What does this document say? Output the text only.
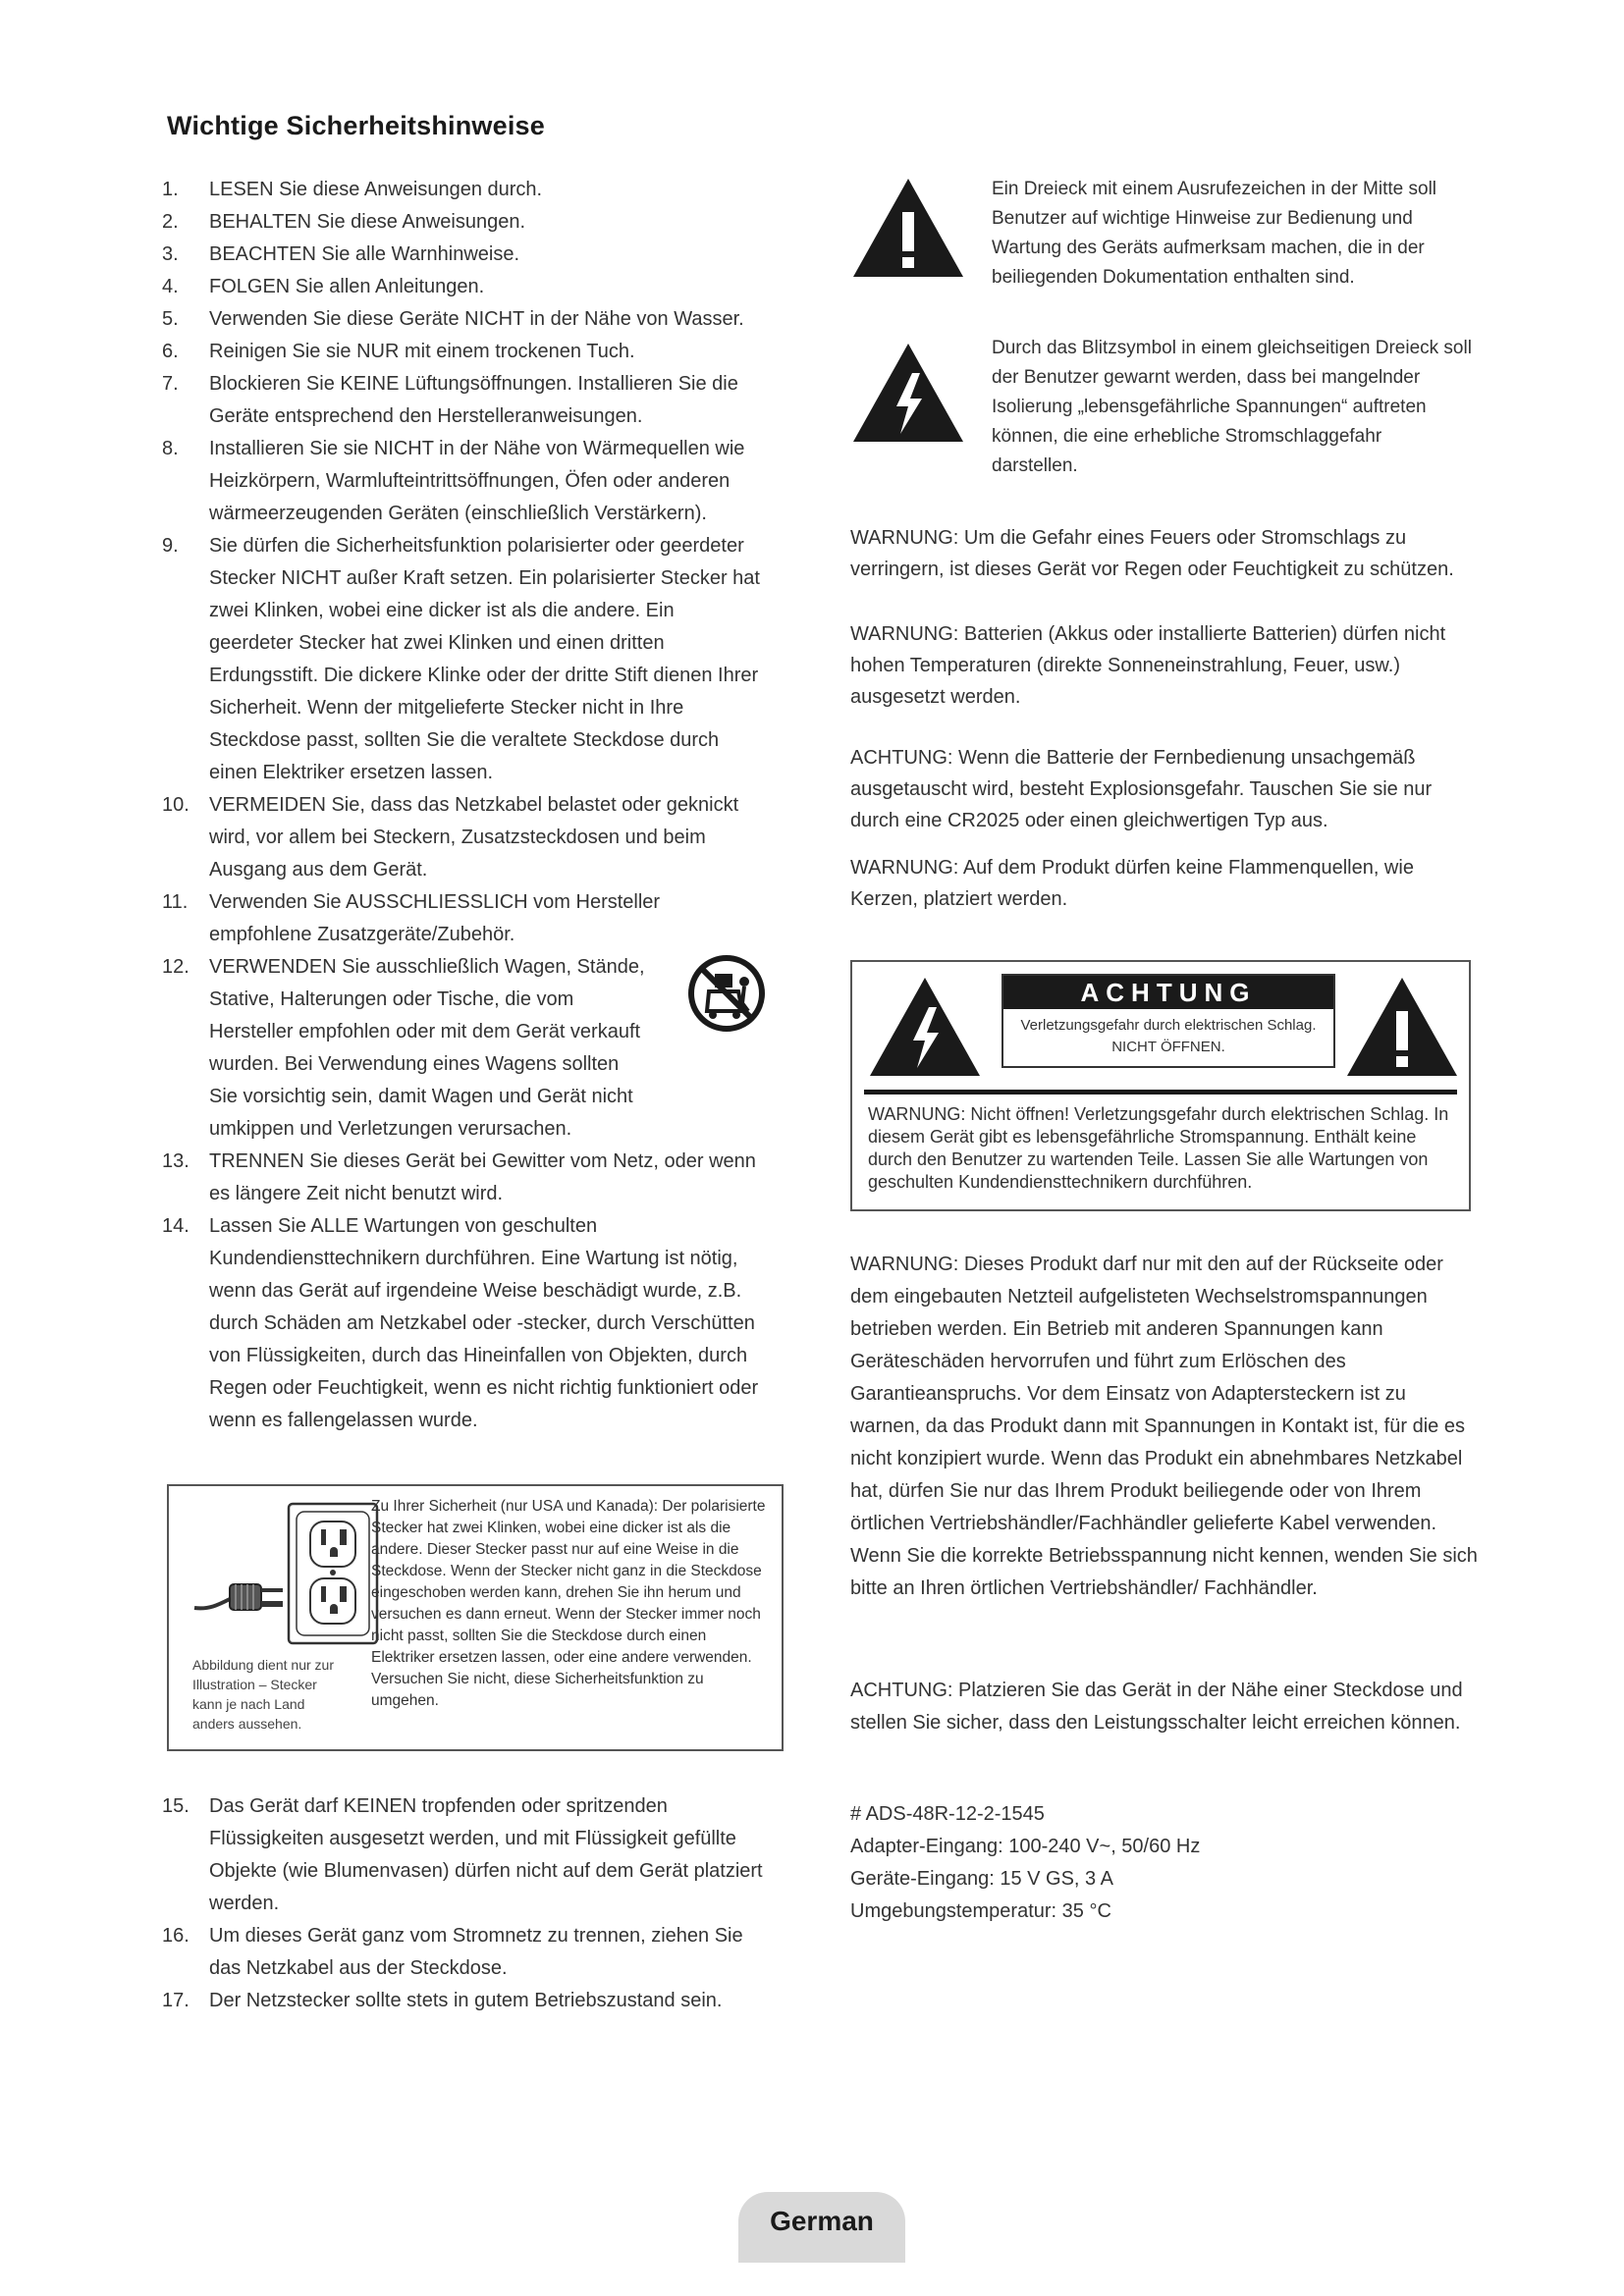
Wichtige Sicherheitshinweise
1.	LESEN Sie diese Anweisungen durch.
2.	BEHALTEN Sie diese Anweisungen.
3.	BEACHTEN Sie alle Warnhinweise.
4.	FOLGEN Sie allen Anleitungen.
5.	Verwenden Sie diese Geräte NICHT in der Nähe von Wasser.
6.	Reinigen Sie sie NUR mit einem trockenen Tuch.
7.	Blockieren Sie KEINE Lüftungsöffnungen. Installieren Sie die Geräte entsprechend den Herstelleranweisungen.
8.	Installieren Sie sie NICHT in der Nähe von Wärmequellen wie Heizkörpern, Warmlufteintrittsöffnungen, Öfen oder anderen wärmeerzeugenden Geräten (einschließlich Verstärkern).
9.	Sie dürfen die Sicherheitsfunktion polarisierter oder geerdeter Stecker NICHT außer Kraft setzen. Ein polarisierter Stecker hat zwei Klinken, wobei eine dicker ist als die andere. Ein geerdeter Stecker hat zwei Klinken und einen dritten Erdungsstift. Die dickere Klinke oder der dritte Stift dienen Ihrer Sicherheit. Wenn der mitgelieferte Stecker nicht in Ihre Steckdose passt, sollten Sie die veraltete Steckdose durch einen Elektriker ersetzen lassen.
10.	VERMEIDEN Sie, dass das Netzkabel belastet oder geknickt wird, vor allem bei Steckern, Zusatzsteckdosen und beim Ausgang aus dem Gerät.
11.	Verwenden Sie AUSSCHLIESSLICH vom Hersteller empfohlene Zusatzgeräte/Zubehör.
12.	VERWENDEN Sie ausschließlich Wagen, Stände, Stative, Halterungen oder Tische, die vom Hersteller empfohlen oder mit dem Gerät verkauft wurden. Bei Verwendung eines Wagens sollten Sie vorsichtig sein, damit Wagen und Gerät nicht umkippen und Verletzungen verursachen.
13.	TRENNEN Sie dieses Gerät bei Gewitter vom Netz, oder wenn es längere Zeit nicht benutzt wird.
14.	Lassen Sie ALLE Wartungen von geschulten Kundendiensttechnikern durchführen. Eine Wartung ist nötig, wenn das Gerät auf irgendeine Weise beschädigt wurde, z.B. durch Schäden am Netzkabel oder -stecker, durch Verschütten von Flüssigkeiten, durch das Hineinfallen von Objekten, durch Regen oder Feuchtigkeit, wenn es nicht richtig funktioniert oder wenn es fallengelassen wurde.
Abbildung dient nur zur Illustration – Stecker kann je nach Land anders aussehen.
Zu Ihrer Sicherheit (nur USA und Kanada): Der polarisierte Stecker hat zwei Klinken, wobei eine dicker ist als die andere. Dieser Stecker passt nur auf eine Weise in die Steckdose. Wenn der Stecker nicht ganz in die Steckdose eingeschoben werden kann, drehen Sie ihn herum und versuchen es dann erneut. Wenn der Stecker immer noch nicht passt, sollten Sie die Steckdose durch einen Elektriker ersetzen lassen, oder eine andere verwenden. Versuchen Sie nicht, diese Sicherheitsfunktion zu umgehen.
15.	Das Gerät darf KEINEN tropfenden oder spritzenden Flüssigkeiten ausgesetzt werden, und mit Flüssigkeit gefüllte Objekte (wie Blumenvasen) dürfen nicht auf dem Gerät platziert werden.
16.	Um dieses Gerät ganz vom Stromnetz zu trennen, ziehen Sie das Netzkabel aus der Steckdose.
17.	Der Netzstecker sollte stets in gutem Betriebszustand sein.
Ein Dreieck mit einem Ausrufezeichen in der Mitte soll Benutzer auf wichtige Hinweise zur Bedienung und Wartung des Geräts aufmerksam machen, die in der beiliegenden Dokumentation enthalten sind.
Durch das Blitzsymbol in einem gleichseitigen Dreieck soll der Benutzer gewarnt werden, dass bei mangelnder Isolierung „lebensgefährliche Spannungen“ auftreten können, die eine erhebliche Stromschlaggefahr darstellen.

WARNUNG: Um die Gefahr eines Feuers oder Stromschlags zu verringern, ist dieses Gerät vor Regen oder Feuchtigkeit zu schützen.

WARNUNG: Batterien (Akkus oder installierte Batterien) dürfen nicht hohen Temperaturen (direkte Sonneneinstrahlung, Feuer, usw.) ausgesetzt werden.

ACHTUNG: Wenn die Batterie der Fernbedienung unsachgemäß ausgetauscht wird, besteht Explosionsgefahr. Tauschen Sie sie nur durch eine CR2025 oder einen gleichwertigen Typ aus.

WARNUNG: Auf dem Produkt dürfen keine Flammenquellen, wie Kerzen, platziert werden.

ACHTUNG
Verletzungsgefahr durch elektrischen Schlag.
NICHT ÖFFNEN.
WARNUNG: Nicht öffnen! Verletzungsgefahr durch elektrischen Schlag. In diesem Gerät gibt es lebensgefährliche Stromspannung. Enthält keine durch den Benutzer zu wartenden Teile. Lassen Sie alle Wartungen von geschulten Kundendiensttechnikern durchführen.

WARNUNG: Dieses Produkt darf nur mit den auf der Rückseite oder dem eingebauten Netzteil aufgelisteten Wechselstromspannungen betrieben werden. Ein Betrieb mit anderen Spannungen kann Geräteschäden hervorrufen und führt zum Erlöschen des Garantieanspruchs. Vor dem Einsatz von Adaptersteckern ist zu warnen, da das Produkt dann mit Spannungen in Kontakt ist, für die es nicht konzipiert wurde. Wenn das Produkt ein abnehmbares Netzkabel hat, dürfen Sie nur das Ihrem Produkt beiliegende oder von Ihrem örtlichen Vertriebshändler/Fachhändler gelieferte Kabel verwenden. Wenn Sie die korrekte Betriebsspannung nicht kennen, wenden Sie sich bitte an Ihren örtlichen Vertriebshändler/ Fachhändler.

ACHTUNG: Platzieren Sie das Gerät in der Nähe einer Steckdose und stellen Sie sicher, dass den Leistungsschalter leicht erreichen können.

# ADS-48R-12-2-1545
Adapter-Eingang: 100-240 V~, 50/60 Hz
Geräte-Eingang: 15 V GS, 3 A
Umgebungstemperatur: 35 °C
German
